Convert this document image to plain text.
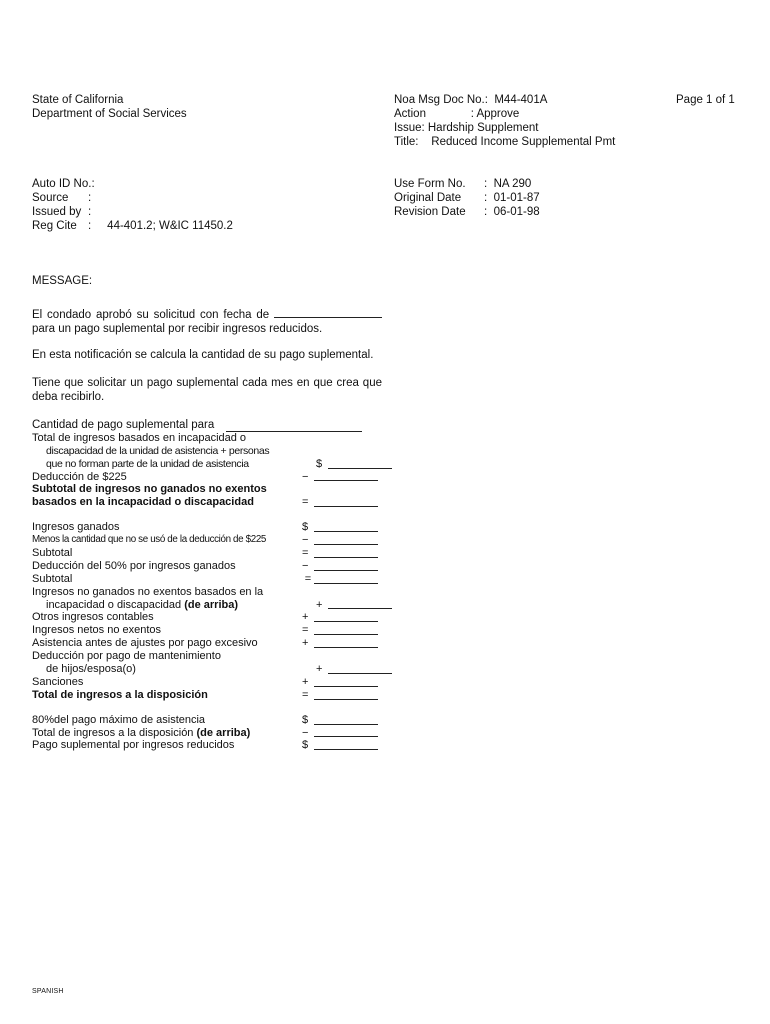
State of California
Department of Social Services
Noa Msg Doc No.:  M44-401A
Action              : Approve
Issue: Hardship Supplement
Title:    Reduced Income Supplemental Pmt
Page 1 of 1
Auto ID No.:
Source	:
Issued by :
Reg Cite :     44-401.2; W&IC 11450.2
Use Form No.	:  NA 290
Original Date	:  01-01-87
Revision Date	:  06-01-98
MESSAGE:
El condado aprobó su solicitud con fecha de  para un pago suplemental por recibir ingresos reducidos.
En esta notificación se calcula la cantidad de su pago suplemental.
Tiene que solicitar un pago suplemental cada mes en que crea que deba recibirlo.
Cantidad de pago suplemental para
Total de ingresos basados en incapacidad o
discapacidad de la unidad de asistencia + personas
que no forman parte de la unidad de asistencia	$
Deducción de $225	−
Subtotal de ingresos no ganados no exentos
basados en la incapacidad o discapacidad	=
Ingresos ganados	$
Menos la cantidad que no se usó de la deducción de $225	−
Subtotal	=
Deducción del 50% por ingresos ganados	−
Subtotal	=
Ingresos no ganados no exentos basados en la
incapacidad o discapacidad (de arriba)	+
Otros ingresos contables	+
Ingresos netos no exentos	=
Asistencia antes de ajustes por pago excesivo	+
Deducción por pago de mantenimiento
de hijos/esposa(o)	+
Sanciones	+
Total de ingresos a la disposición	=
80%del pago máximo de asistencia	$
Total de ingresos a la disposición (de arriba)	−
Pago suplemental por ingresos reducidos	$
SPANISH
